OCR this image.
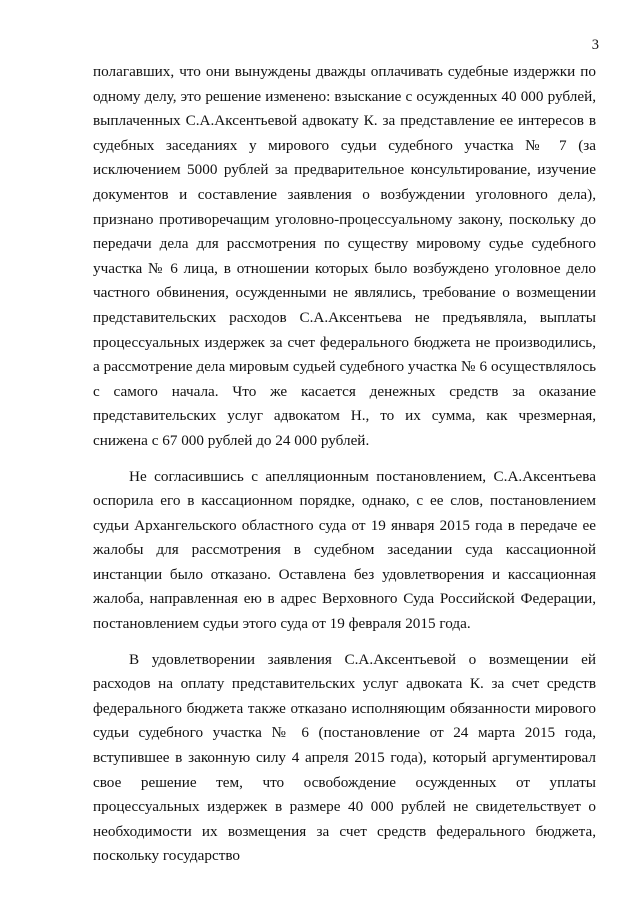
3

полагавших, что они вынуждены дважды оплачивать судебные издержки по одному делу, это решение изменено: взыскание с осужденных 40 000 рублей, выплаченных С.А.Аксентьевой адвокату К. за представление ее интересов в судебных заседаниях у мирового судьи судебного участка № 7 (за исключением 5000 рублей за предварительное консультирование, изучение документов и составление заявления о возбуждении уголовного дела), признано противоречащим уголовно-процессуальному закону, поскольку до передачи дела для рассмотрения по существу мировому судье судебного участка № 6 лица, в отношении которых было возбуждено уголовное дело частного обвинения, осужденными не являлись, требование о возмещении представительских расходов С.А.Аксентьева не предъявляла, выплаты процессуальных издержек за счет федерального бюджета не производились, а рассмотрение дела мировым судьей судебного участка № 6 осуществлялось с самого начала. Что же касается денежных средств за оказание представительских услуг адвокатом Н., то их сумма, как чрезмерная, снижена с 67 000 рублей до 24 000 рублей.

Не согласившись с апелляционным постановлением, С.А.Аксентьева оспорила его в кассационном порядке, однако, с ее слов, постановлением судьи Архангельского областного суда от 19 января 2015 года в передаче ее жалобы для рассмотрения в судебном заседании суда кассационной инстанции было отказано. Оставлена без удовлетворения и кассационная жалоба, направленная ею в адрес Верховного Суда Российской Федерации, постановлением судьи этого суда от 19 февраля 2015 года.

В удовлетворении заявления С.А.Аксентьевой о возмещении ей расходов на оплату представительских услуг адвоката К. за счет средств федерального бюджета также отказано исполняющим обязанности мирового судьи судебного участка № 6 (постановление от 24 марта 2015 года, вступившее в законную силу 4 апреля 2015 года), который аргументировал свое решение тем, что освобождение осужденных от уплаты процессуальных издержек в размере 40 000 рублей не свидетельствует о необходимости их возмещения за счет средств федерального бюджета, поскольку государство
